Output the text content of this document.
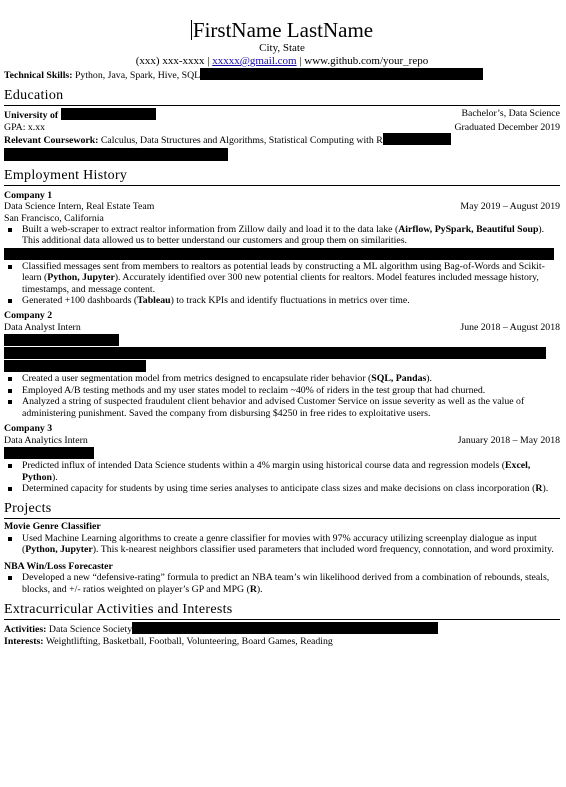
FirstName LastName
City, State
(xxx) xxx-xxxx | xxxxx@gmail.com | www.github.com/your_repo
Technical Skills: Python, Java, Spark, Hive, SQL
Education
University of	Bachelor’s, Data Science
GPA: x.xx	Graduated December 2019
Relevant Coursework: Calculus, Data Structures and Algorithms, Statistical Computing with R
Employment History
Company 1
Data Science Intern, Real Estate Team	May 2019 – August 2019
San Francisco, California
Built a web-scraper to extract realtor information from Zillow daily and load it to the data lake (Airflow, PySpark, Beautiful Soup). This additional data allowed us to better understand our customers and group them on similarities.
Classified messages sent from members to realtors as potential leads by constructing a ML algorithm using Bag-of-Words and Scikit-learn (Python, Jupyter). Accurately identified over 300 new potential clients for realtors. Model features included message history, timestamps, and message content.
Generated +100 dashboards (Tableau) to track KPIs and identify fluctuations in metrics over time.
Company 2
Data Analyst Intern	June 2018 – August 2018
Created a user segmentation model from metrics designed to encapsulate rider behavior (SQL, Pandas).
Employed A/B testing methods and my user states model to reclaim ~40% of riders in the test group that had churned.
Analyzed a string of suspected fraudulent client behavior and advised Customer Service on issue severity as well as the value of administering punishment. Saved the company from disbursing $4250 in free rides to exploitative users.
Company 3
Data Analytics Intern	January 2018 – May 2018
Predicted influx of intended Data Science students within a 4% margin using historical course data and regression models (Excel, Python).
Determined capacity for students by using time series analyses to anticipate class sizes and make decisions on class incorporation (R).
Projects
Movie Genre Classifier
Used Machine Learning algorithms to create a genre classifier for movies with 97% accuracy utilizing screenplay dialogue as input (Python, Jupyter). This k-nearest neighbors classifier used parameters that included word frequency, connotation, and word proximity.
NBA Win/Loss Forecaster
Developed a new “defensive-rating” formula to predict an NBA team’s win likelihood derived from a combination of rebounds, steals, blocks, and +/- ratios weighted on player’s GP and MPG (R).
Extracurricular Activities and Interests
Activities: Data Science Society
Interests: Weightlifting, Basketball, Football, Volunteering, Board Games, Reading
